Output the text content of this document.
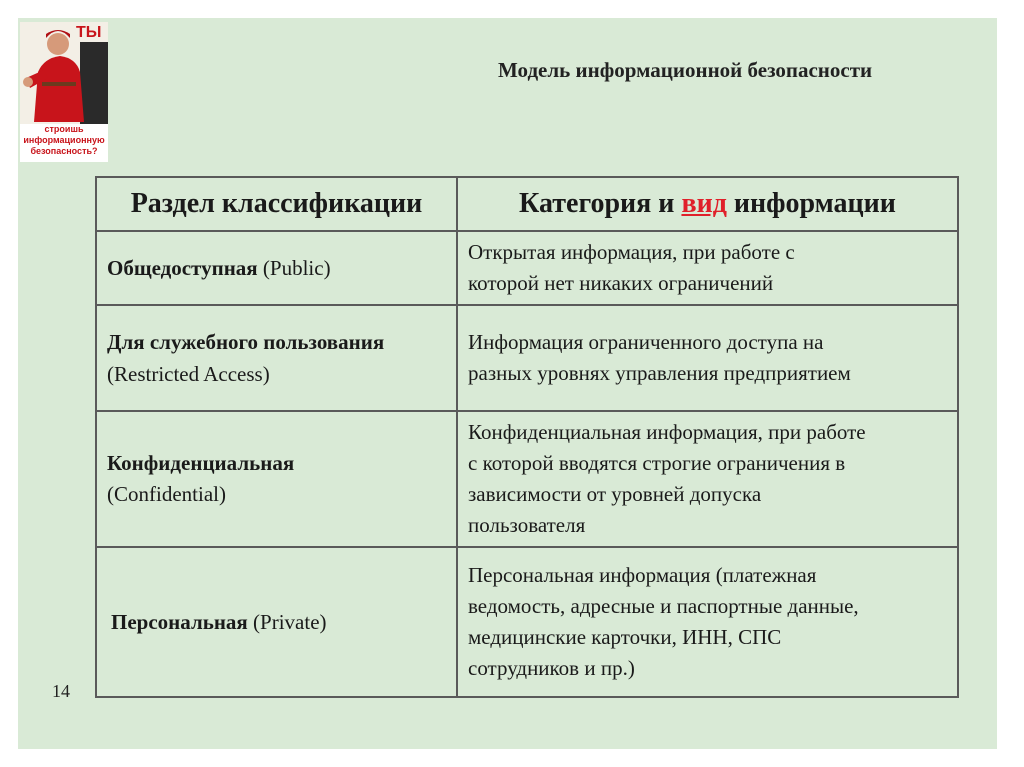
ТЫ
строишь
информационную
безопасность?
Модель информационной безопасности
Раздел классификации	Категория и вид информации
Общедоступная (Public)	Открытая информация, при работе с
которой нет никаких ограничений

Для служебного пользования
(Restricted Access)	Информация ограниченного доступа на
разных уровнях управления предприятием

Конфиденциальная
(Confidential)	Конфиденциальная информация, при работе
с которой вводятся строгие ограничения в
зависимости от уровней допуска
пользователя

Персональная (Private)	Персональная информация (платежная
ведомость, адресные и паспортные данные,
медицинские карточки, ИНН, СПС
сотрудников и пр.)
14
